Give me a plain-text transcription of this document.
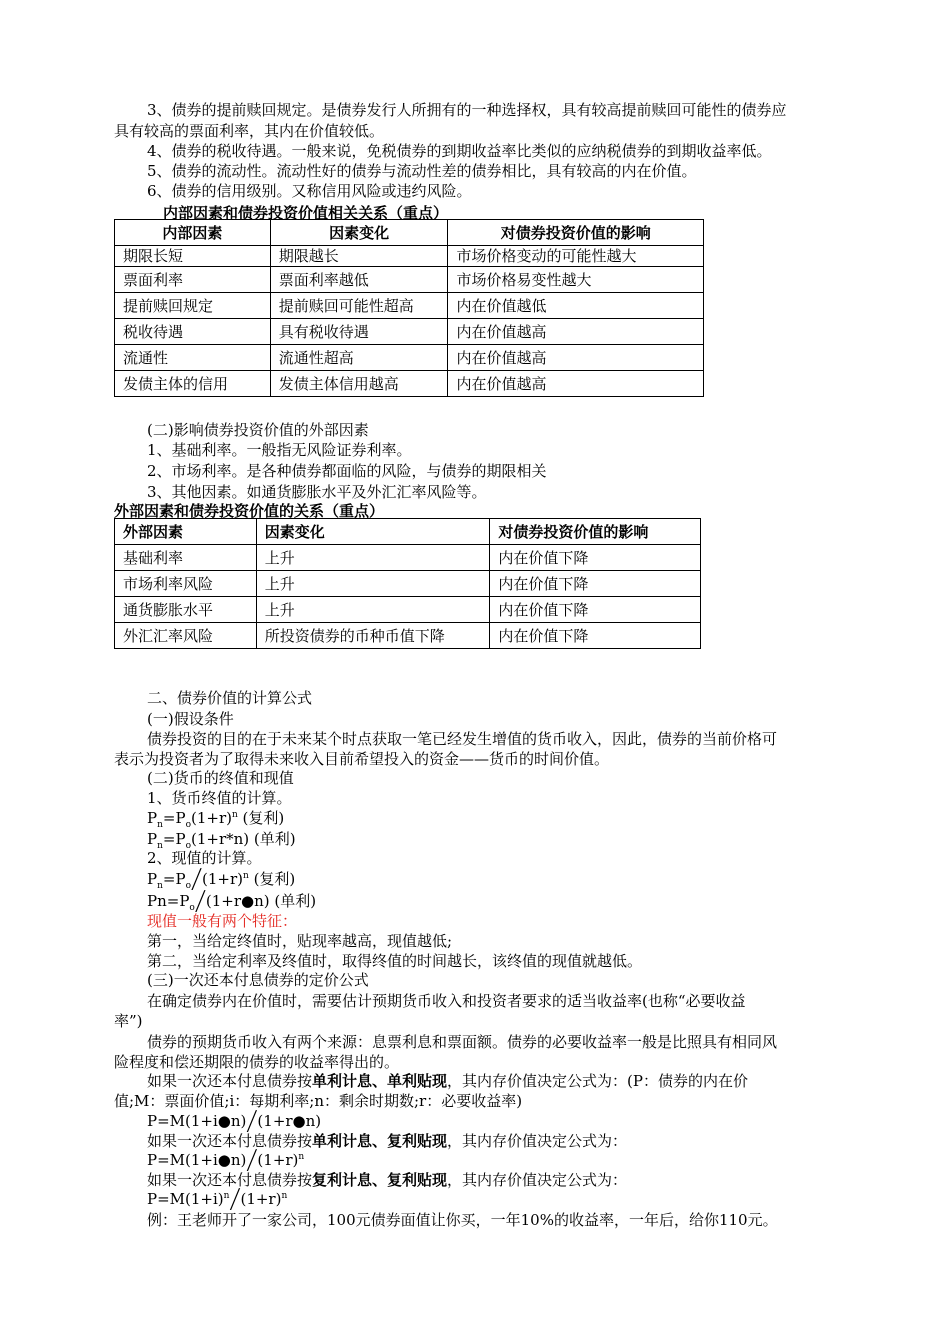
3、债券的提前赎回规定。是债券发行人所拥有的一种选择权，具有较高提前赎回可能性的债券应
具有较高的票面利率，其内在价值较低。
4、债券的税收待遇。一般来说，免税债券的到期收益率比类似的应纳税债券的到期收益率低。
5、债券的流动性。流动性好的债券与流动性差的债券相比，具有较高的内在价值。
6、债券的信用级别。又称信用风险或违约风险。
内部因素和债券投资价值相关关系（重点）
内部因素	因素变化	对债券投资价值的影响
期限长短	期限越长	市场价格变动的可能性越大
票面利率	票面利率越低	市场价格易变性越大
提前赎回规定	提前赎回可能性超高	内在价值越低
税收待遇	具有税收待遇	内在价值越高
流通性	流通性超高	内在价值越高
发债主体的信用	发债主体信用越高	内在价值越高
(二)影响债券投资价值的外部因素
1、基础利率。一般指无风险证券利率。
2、市场利率。是各种债券都面临的风险，与债券的期限相关
3、其他因素。如通货膨胀水平及外汇汇率风险等。
外部因素和债券投资价值的关系（重点）
外部因素	因素变化	对债券投资价值的影响
基础利率	上升	内在价值下降
市场利率风险	上升	内在价值下降
通货膨胀水平	上升	内在价值下降
外汇汇率风险	所投资债券的币种币值下降	内在价值下降
二、债券价值的计算公式
(一)假设条件
债券投资的目的在于未来某个时点获取一笔已经发生增值的货币收入，因此，债券的当前价格可
表示为投资者为了取得未来收入目前希望投入的资金——货币的时间价值。
(二)货币的终值和现值
1、货币终值的计算。
$P_n=P_o(1+r)^n$ (复利)
$P_n=P_o(1+r*n)$ (单利)
2、现值的计算。
$P_n=P_o╱(1+r)^n$ (复利)
$Pn=P_o╱(1+r●n)$ (单利)
现值一般有两个特征：
第一，当给定终值时，贴现率越高，现值越低;
第二，当给定利率及终值时，取得终值的时间越长，该终值的现值就越低。
(三)一次还本付息债券的定价公式
在确定债券内在价值时，需要估计预期货币收入和投资者要求的适当收益率(也称“必要收益
率”)
债券的预期货币收入有两个来源：息票利息和票面额。债券的必要收益率一般是比照具有相同风
险程度和偿还期限的债券的收益率得出的。
如果一次还本付息债券按单利计息、单利贴现，其内存价值决定公式为：(P：债券的内在价
值;M：票面价值;i：每期利率;n：剩余时期数;r：必要收益率)
P=M(1+i●n)╱(1+r●n)
如果一次还本付息债券按单利计息、复利贴现，其内存价值决定公式为：
$P=M(1+i●n)╱(1+r)^n$
如果一次还本付息债券按复利计息、复利贴现，其内存价值决定公式为：
$P=M(1+i)^n╱(1+r)^n$
例：王老师开了一家公司，100元债券面值让你买，一年10%的收益率，一年后，给你110元。
